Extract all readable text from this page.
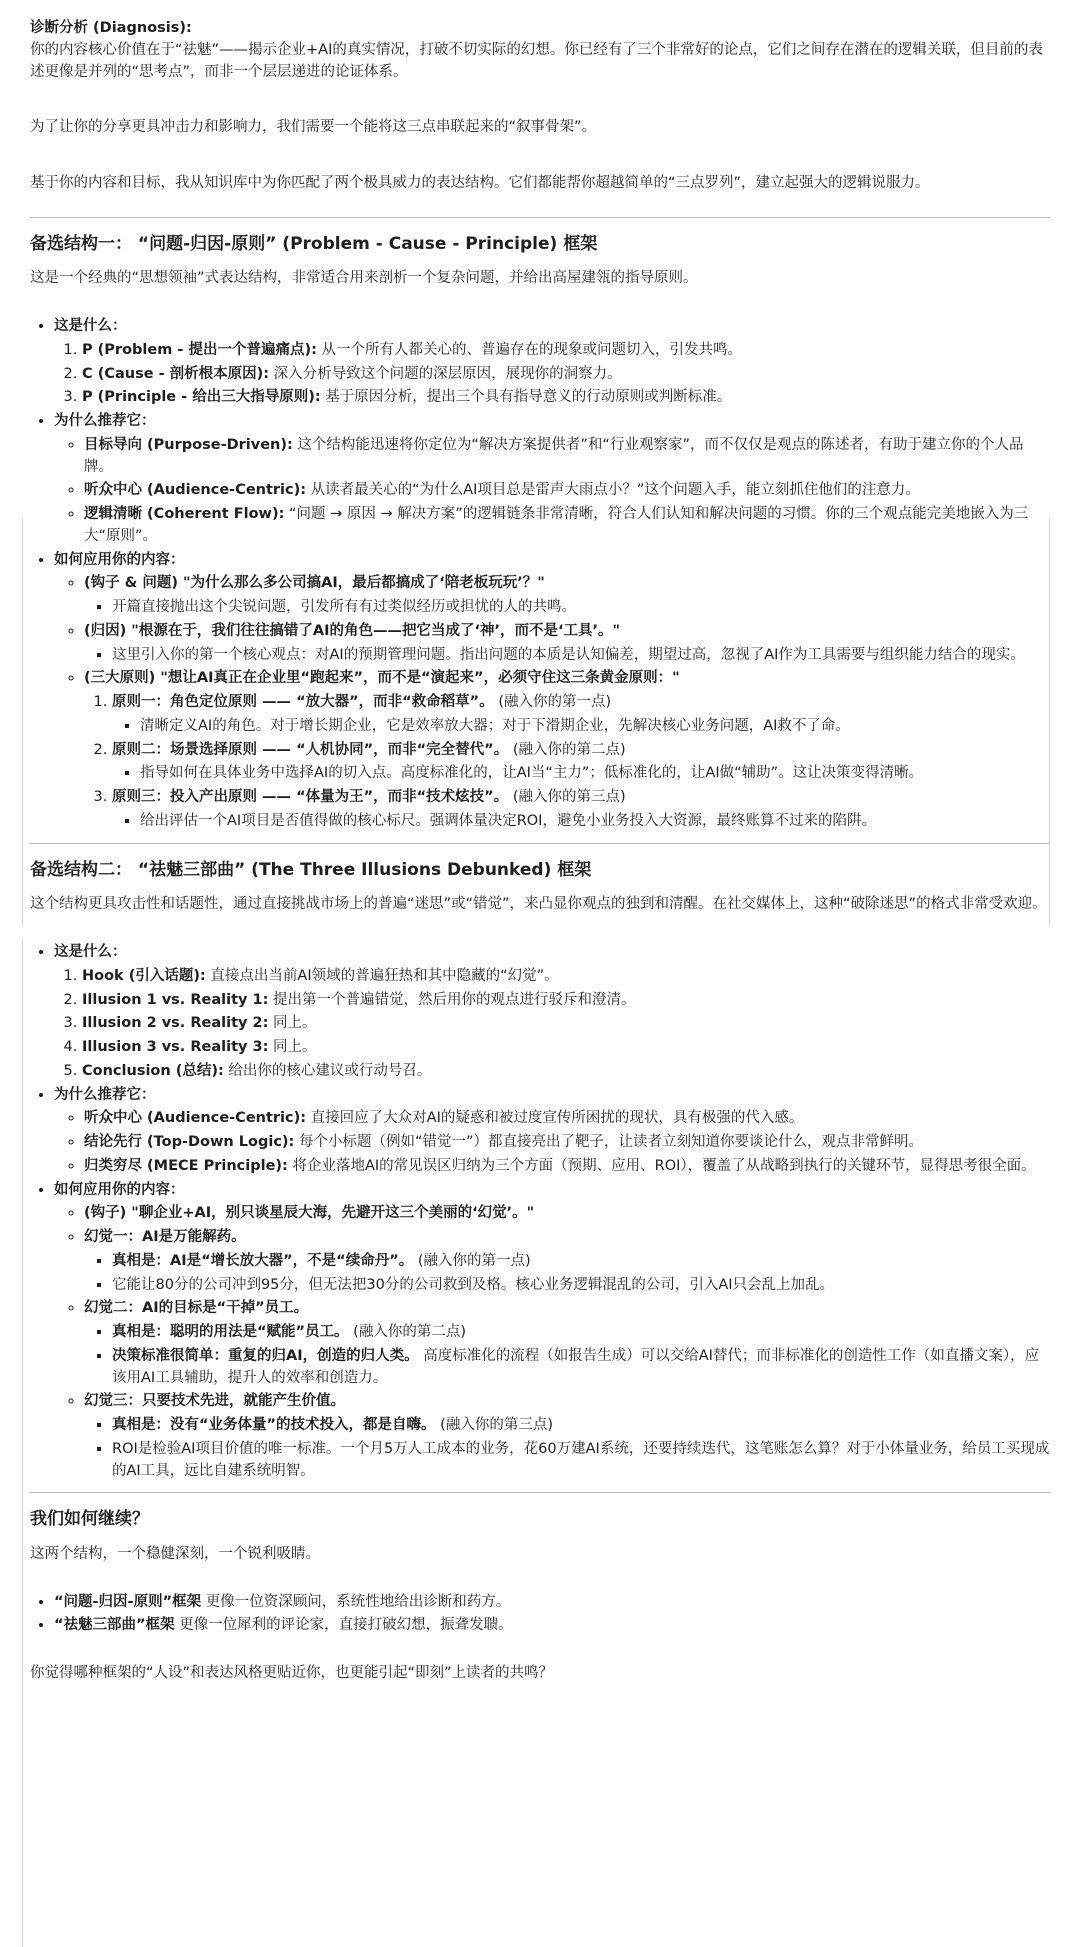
诊断分析 (Diagnosis):

你的内容核心价值在于“祛魅”——揭示企业+AI的真实情况，打破不切实际的幻想。你已经有了三个非常好的论点，它们之间存在潜在的逻辑关联，但目前的表述更像是并列的“思考点”，而非一个层层递进的论证体系。

为了让你的分享更具冲击力和影响力，我们需要一个能将这三点串联起来的“叙事骨架”。

基于你的内容和目标，我从知识库中为你匹配了两个极具威力的表达结构。它们都能帮你超越简单的“三点罗列”，建立起强大的逻辑说服力。

备选结构一： “问题-归因-原则” (Problem - Cause - Principle) 框架

这是一个经典的“思想领袖”式表达结构，非常适合用来剖析一个复杂问题，并给出高屋建瓴的指导原则。

• 这是什么：
1. P (Problem - 提出一个普遍痛点): 从一个所有人都关心的、普遍存在的现象或问题切入，引发共鸣。
2. C (Cause - 剖析根本原因): 深入分析导致这个问题的深层原因，展现你的洞察力。
3. P (Principle - 给出三大指导原则): 基于原因分析，提出三个具有指导意义的行动原则或判断标准。
• 为什么推荐它：
◦ 目标导向 (Purpose-Driven): 这个结构能迅速将你定位为“解决方案提供者”和“行业观察家”，而不仅仅是观点的陈述者，有助于建立你的个人品牌。
◦ 听众中心 (Audience-Centric): 从读者最关心的“为什么AI项目总是雷声大雨点小？”这个问题入手，能立刻抓住他们的注意力。
◦ 逻辑清晰 (Coherent Flow): “问题 → 原因 → 解决方案”的逻辑链条非常清晰，符合人们认知和解决问题的习惯。你的三个观点能完美地嵌入为三大“原则”。
• 如何应用你的内容：
◦ (钩子 & 问题) "为什么那么多公司搞AI，最后都搞成了‘陪老板玩玩’？"
▪ 开篇直接抛出这个尖锐问题，引发所有有过类似经历或担忧的人的共鸣。
◦ (归因) "根源在于，我们往往搞错了AI的角色——把它当成了‘神’，而不是‘工具’。"
▪ 这里引入你的第一个核心观点：对AI的预期管理问题。指出问题的本质是认知偏差，期望过高，忽视了AI作为工具需要与组织能力结合的现实。
◦ (三大原则) "想让AI真正在企业里“跑起来”，而不是“演起来”，必须守住这三条黄金原则："
1. 原则一：角色定位原则 —— “放大器”，而非“救命稻草”。 (融入你的第一点)
▪ 清晰定义AI的角色。对于增长期企业，它是效率放大器；对于下滑期企业，先解决核心业务问题，AI救不了命。
2. 原则二：场景选择原则 —— “人机协同”，而非“完全替代”。 (融入你的第二点)
▪ 指导如何在具体业务中选择AI的切入点。高度标准化的，让AI当“主力”；低标准化的，让AI做“辅助”。这让决策变得清晰。
3. 原则三：投入产出原则 —— “体量为王”，而非“技术炫技”。 (融入你的第三点)
▪ 给出评估一个AI项目是否值得做的核心标尺。强调体量决定ROI，避免小业务投入大资源，最终账算不过来的陷阱。
备选结构二： “祛魅三部曲” (The Three Illusions Debunked) 框架

这个结构更具攻击性和话题性，通过直接挑战市场上的普遍“迷思”或“错觉”，来凸显你观点的独到和清醒。在社交媒体上，这种“破除迷思”的格式非常受欢迎。

• 这是什么：
1. Hook (引入话题): 直接点出当前AI领域的普遍狂热和其中隐藏的“幻觉”。
2. Illusion 1 vs. Reality 1: 提出第一个普遍错觉，然后用你的观点进行驳斥和澄清。
3. Illusion 2 vs. Reality 2: 同上。
4. Illusion 3 vs. Reality 3: 同上。
5. Conclusion (总结): 给出你的核心建议或行动号召。
• 为什么推荐它：
◦ 听众中心 (Audience-Centric): 直接回应了大众对AI的疑惑和被过度宣传所困扰的现状，具有极强的代入感。
◦ 结论先行 (Top-Down Logic): 每个小标题（例如“错觉一”）都直接亮出了靶子，让读者立刻知道你要谈论什么，观点非常鲜明。
◦ 归类穷尽 (MECE Principle): 将企业落地AI的常见误区归纳为三个方面（预期、应用、ROI），覆盖了从战略到执行的关键环节，显得思考很全面。
• 如何应用你的内容：
◦ (钩子) "聊企业+AI，别只谈星辰大海，先避开这三个美丽的‘幻觉’。"
◦ 幻觉一：AI是万能解药。
▪ 真相是：AI是“增长放大器”，不是“续命丹”。 (融入你的第一点)
▪ 它能让80分的公司冲到95分，但无法把30分的公司救到及格。核心业务逻辑混乱的公司，引入AI只会乱上加乱。
◦ 幻觉二：AI的目标是“干掉”员工。
▪ 真相是：聪明的用法是“赋能”员工。 (融入你的第二点)
▪ 决策标准很简单：重复的归AI，创造的归人类。 高度标准化的流程（如报告生成）可以交给AI替代；而非标准化的创造性工作（如直播文案），应该用AI工具辅助，提升人的效率和创造力。
◦ 幻觉三：只要技术先进，就能产生价值。
▪ 真相是：没有“业务体量”的技术投入，都是自嗨。 (融入你的第三点)
▪ ROI是检验AI项目价值的唯一标准。一个月5万人工成本的业务，花60万建AI系统，还要持续迭代，这笔账怎么算？对于小体量业务，给员工买现成的AI工具，远比自建系统明智。
我们如何继续？

这两个结构，一个稳健深刻，一个锐利吸睛。

• “问题-归因-原则”框架 更像一位资深顾问，系统性地给出诊断和药方。
• “祛魅三部曲”框架 更像一位犀利的评论家，直接打破幻想，振聋发聩。

你觉得哪种框架的“人设”和表达风格更贴近你，也更能引起“即刻”上读者的共鸣？
